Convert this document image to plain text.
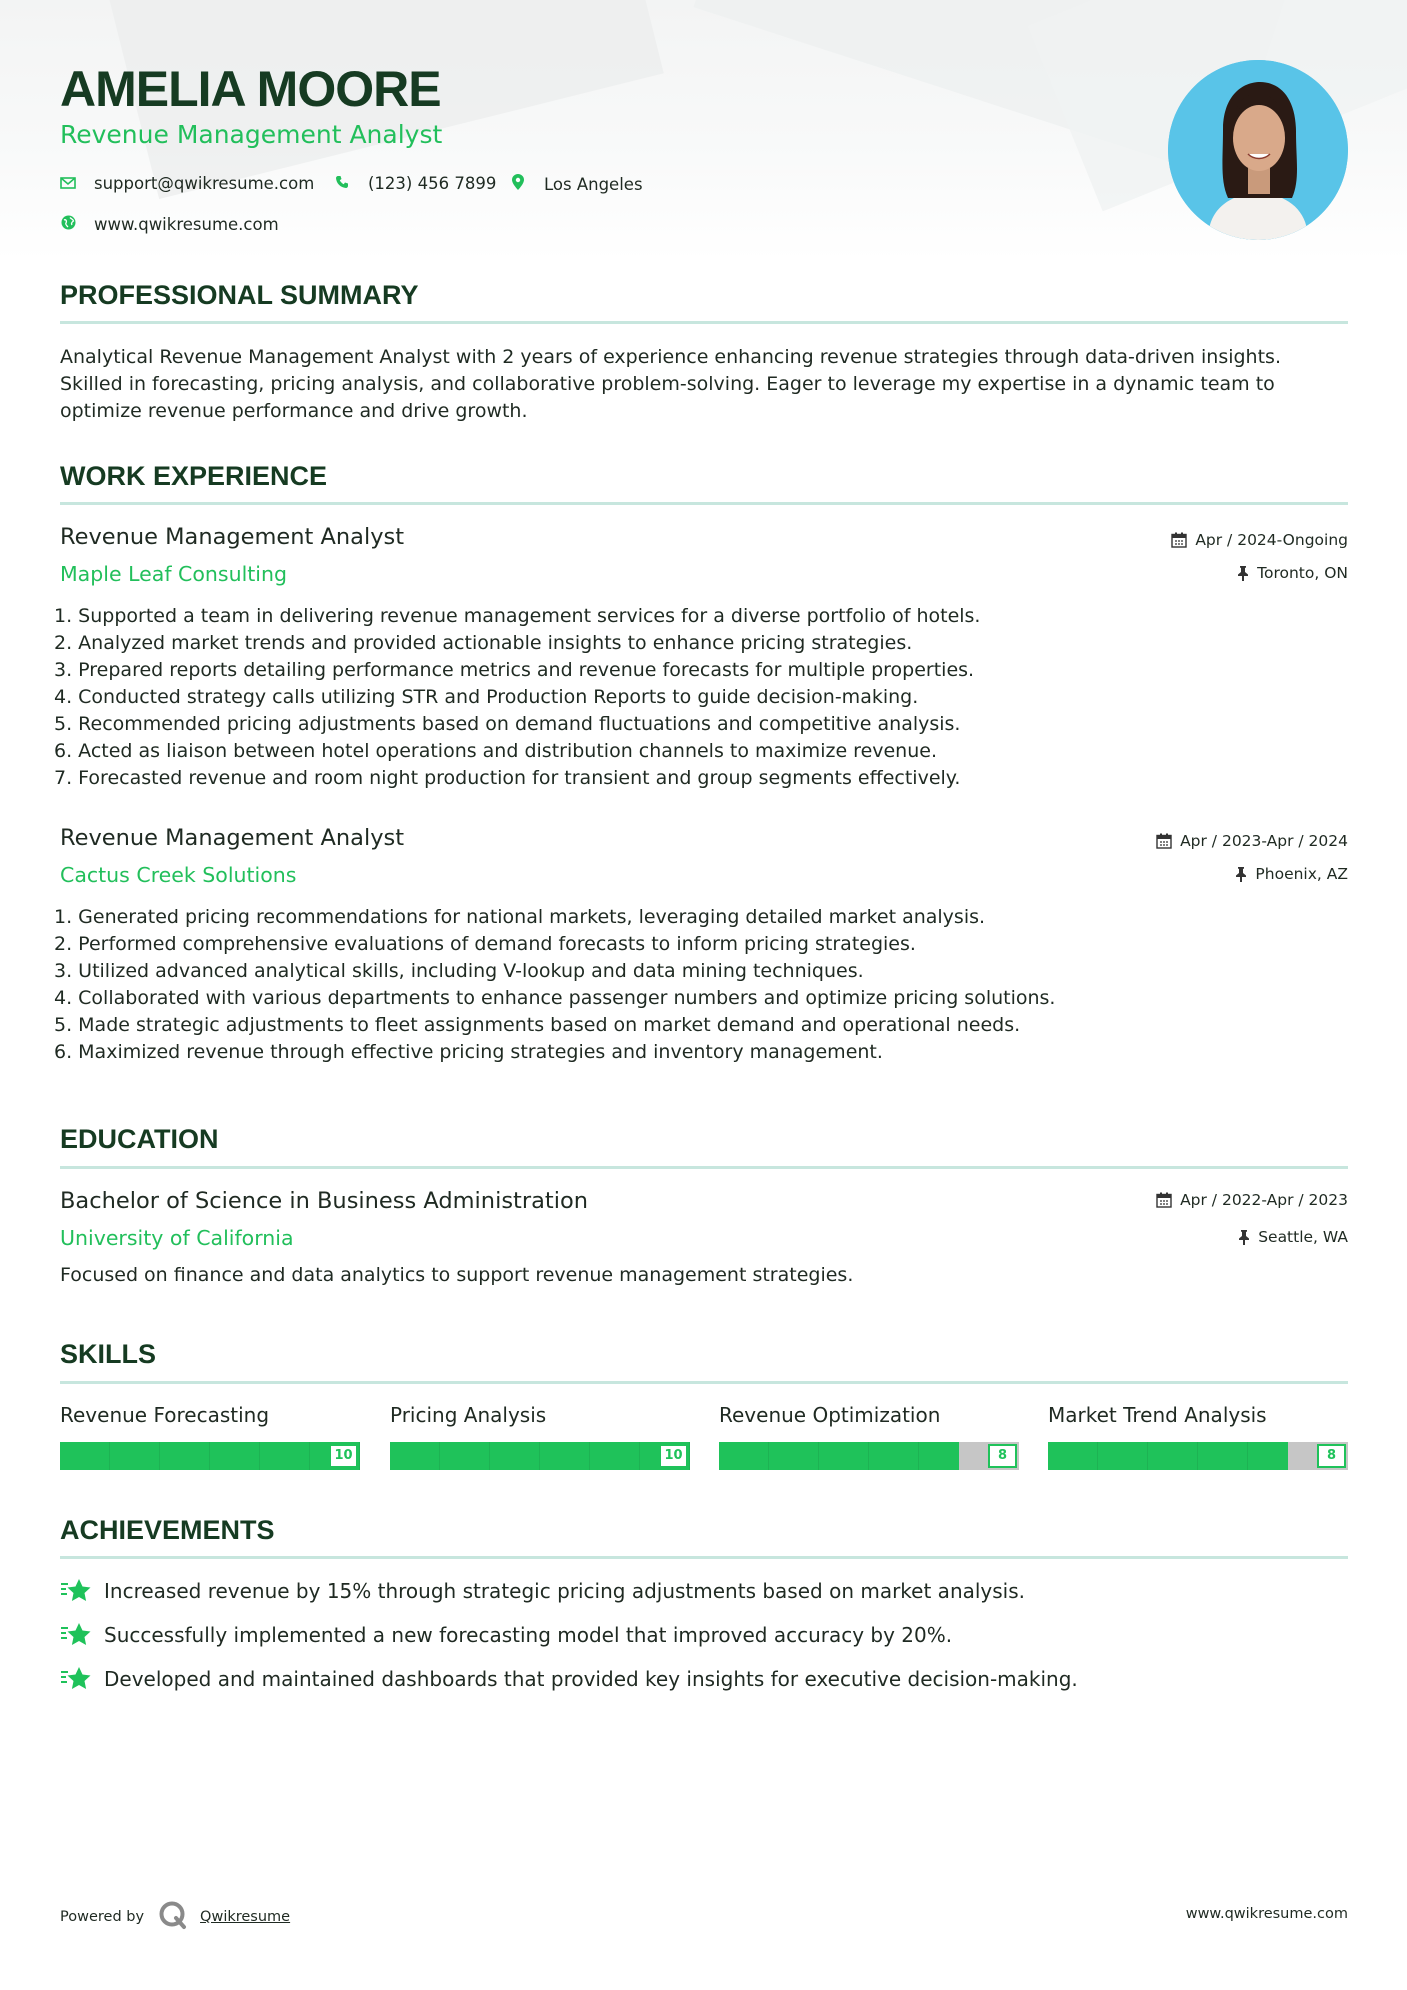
AMELIA MOORE
Revenue Management Analyst
support@qwikresume.com	(123) 456 7899	Los Angeles
www.qwikresume.com
PROFESSIONAL SUMMARY
Analytical Revenue Management Analyst with 2 years of experience enhancing revenue strategies through data-driven insights. Skilled in forecasting, pricing analysis, and collaborative problem-solving. Eager to leverage my expertise in a dynamic team to optimize revenue performance and drive growth.
WORK EXPERIENCE
Revenue Management Analyst
Maple Leaf Consulting
Apr / 2024-Ongoing
Toronto, ON
1. Supported a team in delivering revenue management services for a diverse portfolio of hotels.
2. Analyzed market trends and provided actionable insights to enhance pricing strategies.
3. Prepared reports detailing performance metrics and revenue forecasts for multiple properties.
4. Conducted strategy calls utilizing STR and Production Reports to guide decision-making.
5. Recommended pricing adjustments based on demand fluctuations and competitive analysis.
6. Acted as liaison between hotel operations and distribution channels to maximize revenue.
7. Forecasted revenue and room night production for transient and group segments effectively.
Revenue Management Analyst
Cactus Creek Solutions
Apr / 2023-Apr / 2024
Phoenix, AZ
1. Generated pricing recommendations for national markets, leveraging detailed market analysis.
2. Performed comprehensive evaluations of demand forecasts to inform pricing strategies.
3. Utilized advanced analytical skills, including V-lookup and data mining techniques.
4. Collaborated with various departments to enhance passenger numbers and optimize pricing solutions.
5. Made strategic adjustments to fleet assignments based on market demand and operational needs.
6. Maximized revenue through effective pricing strategies and inventory management.
EDUCATION
Bachelor of Science in Business Administration
University of California
Apr / 2022-Apr / 2023
Seattle, WA
Focused on finance and data analytics to support revenue management strategies.
SKILLS
Revenue Forecasting
10
Pricing Analysis
10
Revenue Optimization
8
Market Trend Analysis
8
ACHIEVEMENTS
Increased revenue by 15% through strategic pricing adjustments based on market analysis.
Successfully implemented a new forecasting model that improved accuracy by 20%.
Developed and maintained dashboards that provided key insights for executive decision-making.
Powered by	Qwikresume	www.qwikresume.com
